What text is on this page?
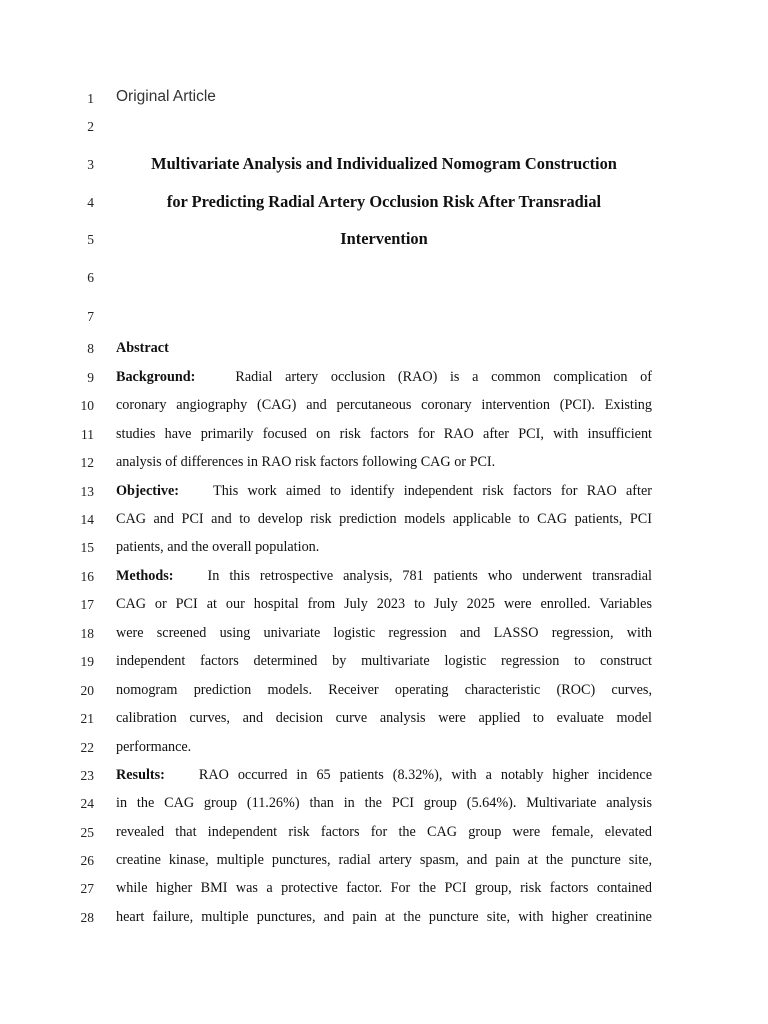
1
2
3
4
5
6
7
8
9
10
11
12
13
14
15
16
17
18
19
20
21
22
23
24
25
26
27
28
Original Article
Multivariate Analysis and Individualized Nomogram Construction
for Predicting Radial Artery Occlusion Risk After Transradial
Intervention
Abstract
Background:	Radial artery occlusion (RAO) is a common complication of
coronary angiography (CAG) and percutaneous coronary intervention (PCI). Existing
studies have primarily focused on risk factors for RAO after PCI, with insufficient
analysis of differences in RAO risk factors following CAG or PCI.
Objective: This work aimed to identify independent risk factors for RAO after
CAG and PCI and to develop risk prediction models applicable to CAG patients, PCI
patients, and the overall population.
Methods: In this retrospective analysis, 781 patients who underwent transradial
CAG or PCI at our hospital from July 2023 to July 2025 were enrolled. Variables
were screened using univariate logistic regression and LASSO regression, with
independent factors determined by multivariate logistic regression to construct
nomogram prediction models. Receiver operating characteristic (ROC) curves,
calibration curves, and decision curve analysis were applied to evaluate model
performance.
Results: RAO occurred in 65 patients (8.32%), with a notably higher incidence
in the CAG group (11.26%) than in the PCI group (5.64%). Multivariate analysis
revealed that independent risk factors for the CAG group were female, elevated
creatine kinase, multiple punctures, radial artery spasm, and pain at the puncture site,
while higher BMI was a protective factor. For the PCI group, risk factors contained
heart failure, multiple punctures, and pain at the puncture site, with higher creatinine
